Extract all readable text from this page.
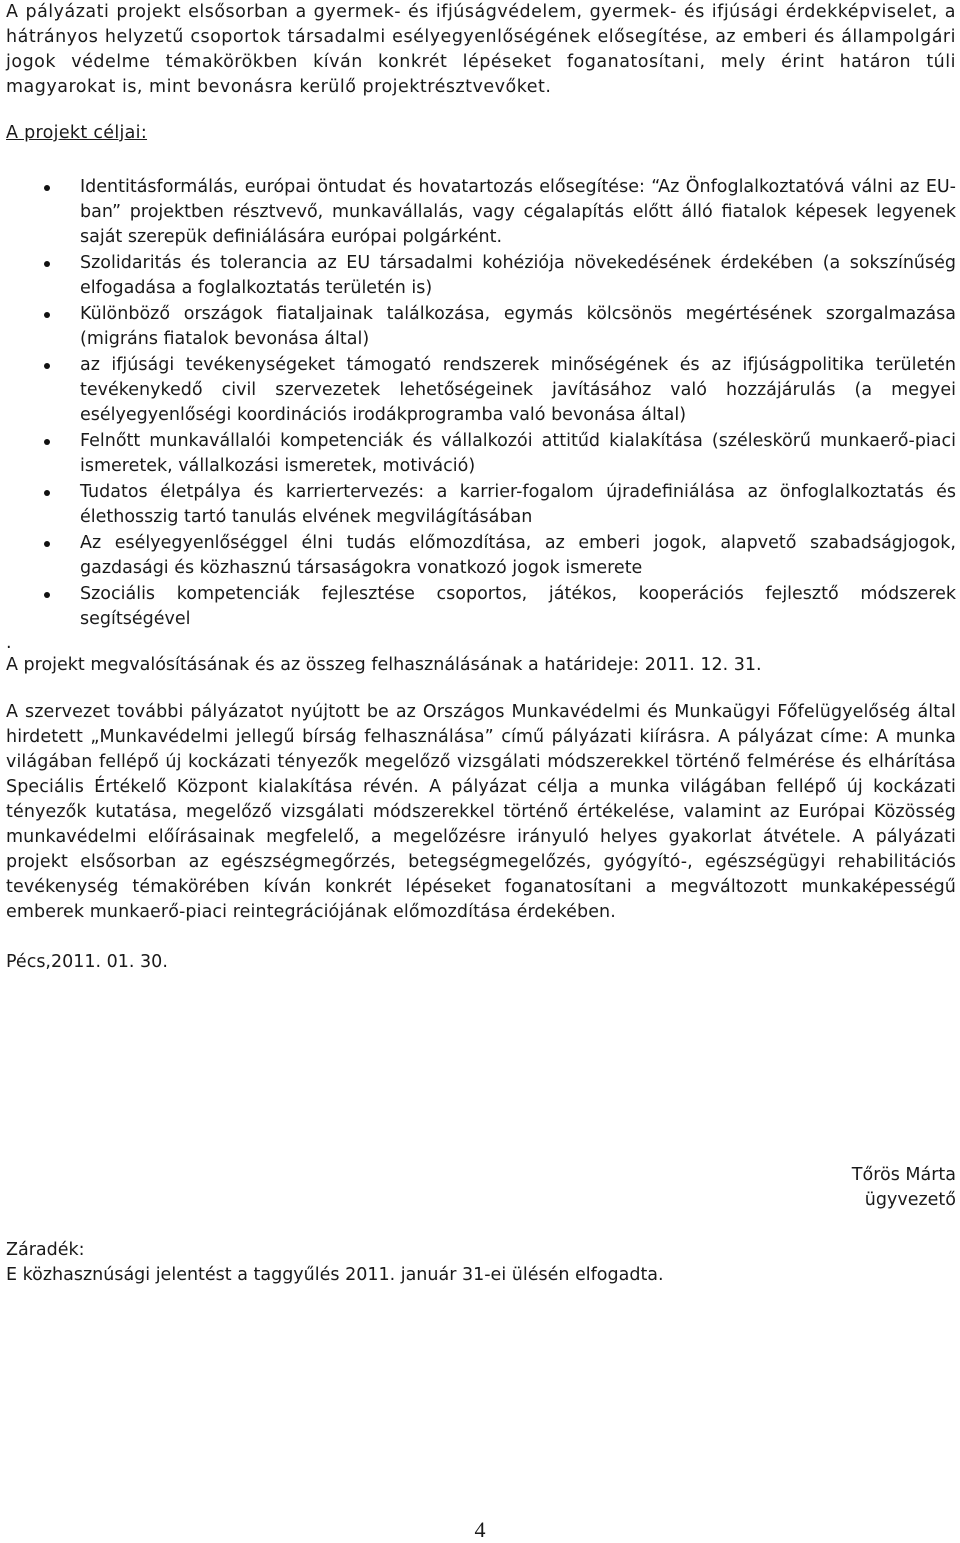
A pályázati projekt elsősorban a gyermek- és ifjúságvédelem, gyermek- és ifjúsági érdekképviselet, a hátrányos helyzetű csoportok társadalmi esélyegyenlőségének elősegítése, az emberi és állampolgári jogok védelme témakörökben kíván konkrét lépéseket foganatosítani, mely érint határon túli magyarokat is, mint bevonásra kerülő projektrésztvevőket.

A projekt céljai:

Identitásformálás, európai öntudat és hovatartozás elősegítése: “Az Önfoglalkoztatóvá válni az EU-ban” projektben résztvevő, munkavállalás, vagy cégalapítás előtt álló fiatalok képesek legyenek saját szerepük definiálására európai polgárként.
Szolidaritás és tolerancia az EU társadalmi kohéziója növekedésének érdekében (a sokszínűség elfogadása a foglalkoztatás területén is)
Különböző országok fiataljainak találkozása, egymás kölcsönös megértésének szorgalmazása (migráns fiatalok bevonása által)
az ifjúsági tevékenységeket támogató rendszerek minőségének és az ifjúságpolitika területén tevékenykedő civil szervezetek lehetőségeinek javításához való hozzájárulás (a megyei esélyegyenlőségi koordinációs irodákprogramba való bevonása által)
Felnőtt munkavállalói kompetenciák és vállalkozói attitűd kialakítása (széleskörű munkaerő-piaci ismeretek, vállalkozási ismeretek, motiváció)
Tudatos életpálya és karriertervezés: a karrier-fogalom újradefiniálása az önfoglalkoztatás és élethosszig tartó tanulás elvének megvilágításában
Az esélyegyenlőséggel élni tudás előmozdítása, az emberi jogok, alapvető szabadságjogok, gazdasági és közhasznú társaságokra vonatkozó jogok ismerete
Szociális kompetenciák fejlesztése csoportos, játékos, kooperációs fejlesztő módszerek segítségével

.

A projekt megvalósításának és az összeg felhasználásának a határideje: 2011. 12. 31.

A szervezet további pályázatot nyújtott be az Országos Munkavédelmi és Munkaügyi Főfelügyelőség által hirdetett „Munkavédelmi jellegű bírság felhasználása” című pályázati kiírásra. A pályázat címe: A munka világában fellépő új kockázati tényezők megelőző vizsgálati módszerekkel történő felmérése és elhárítása Speciális Értékelő Központ kialakítása révén. A pályázat célja a munka világában fellépő új kockázati tényezők kutatása, megelőző vizsgálati módszerekkel történő értékelése, valamint az Európai Közösség munkavédelmi előírásainak megfelelő, a megelőzésre irányuló helyes gyakorlat átvétele. A pályázati projekt elsősorban az egészségmegőrzés, betegségmegelőzés, gyógyító-, egészségügyi rehabilitációs tevékenység témakörében kíván konkrét lépéseket foganatosítani a megváltozott munkaképességű emberek munkaerő-piaci reintegrációjának előmozdítása érdekében.

Pécs,2011. 01. 30.

Tőrös Márta
ügyvezető
Záradék:
E közhasznúsági jelentést a taggyűlés 2011. január 31-ei ülésén elfogadta.
4
